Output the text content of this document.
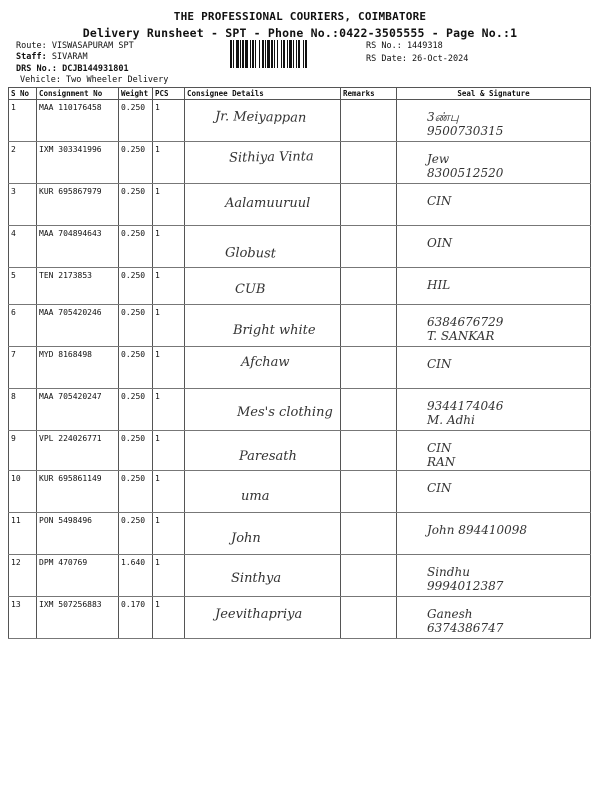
THE PROFESSIONAL COURIERS, COIMBATORE
Delivery Runsheet - SPT - Phone No.:0422-3505555 - Page No.:1
Route: VISWASAPURAM SPT
Staff: SIVARAM
DRS No.: DCJB144931801
Vehicle: Two Wheeler Delivery
RS No.: 1449318
RS Date: 26-Oct-2024
S No	Consignment No	Weight	PCS	Consignee Details	Remarks	Seal & Signature
1	MAA 110176458	0.250	1	Jr. Meiyappan		3ண்பு
9500730315

2	IXM 303341996	0.250	1	Sithiya Vinta		Jew
8300512520

3	KUR 695867979	0.250	1	Aalamuuruul		CIN

4	MAA 704894643	0.250	1	Globust		OIN

5	TEN 2173853	0.250	1	CUB		HIL

6	MAA 705420246	0.250	1	Bright white		6384676729
T. SANKAR

7	MYD 8168498	0.250	1	Afchaw		CIN

8	MAA 705420247	0.250	1	Mes's clothing		9344174046
M. Adhi

9	VPL 224026771	0.250	1	Paresath		CIN
RAN

10	KUR 695861149	0.250	1	uma		CIN

11	PON 5498496	0.250	1	John		John 894410098

12	DPM 470769	1.640	1	Sinthya		Sindhu
9994012387

13	IXM 507256883	0.170	1	Jeevithapriya		Ganesh
6374386747
